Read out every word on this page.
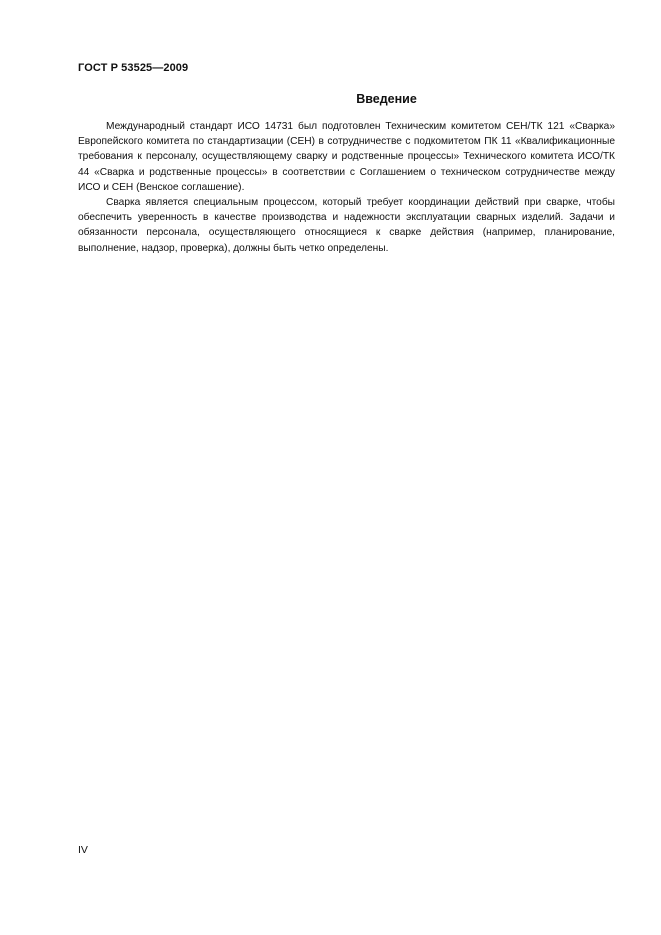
ГОСТ Р 53525—2009
Введение

Международный стандарт ИСО 14731 был подготовлен Техническим комитетом СЕН/ТК 121 «Сварка» Европейского комитета по стандартизации (СЕН) в сотрудничестве с подкомитетом ПК 11 «Квалификационные требования к персоналу, осуществляющему сварку и родственные процессы» Технического комитета ИСО/ТК 44 «Сварка и родственные процессы» в соответствии с Соглашением о техническом сотрудничестве между ИСО и СЕН (Венское соглашение).

Сварка является специальным процессом, который требует координации действий при сварке, чтобы обеспечить уверенность в качестве производства и надежности эксплуатации сварных изделий. Задачи и обязанности персонала, осуществляющего относящиеся к сварке действия (например, планирование, выполнение, надзор, проверка), должны быть четко определены.

IV
